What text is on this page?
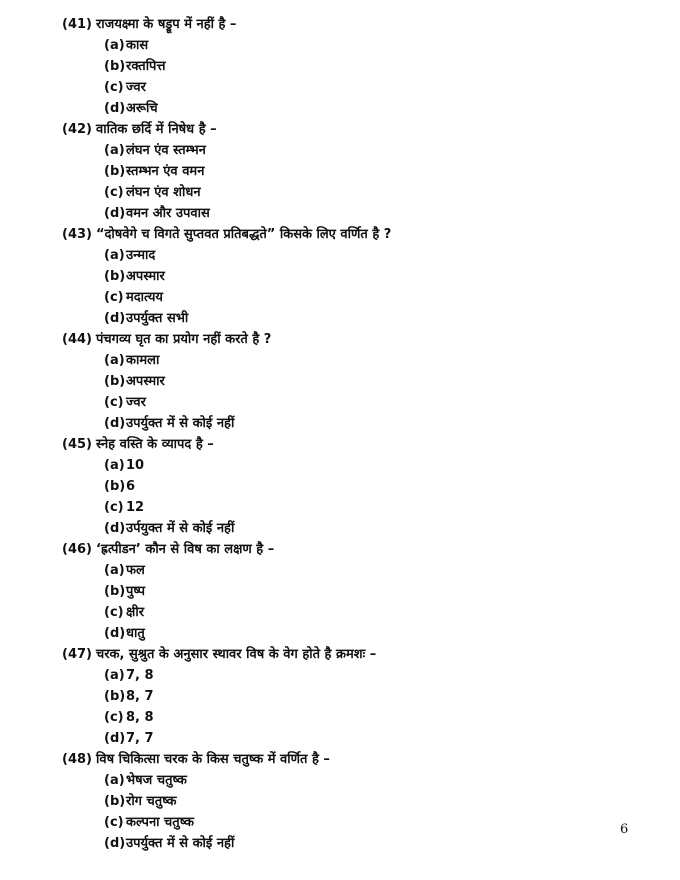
(41) राजयक्ष्मा के षड्रूप में नहीं है –
(a)कास
(b)रक्तपित्त
(c) ज्वर
(d)अरूचि
(42) वातिक छर्दि में निषेध है –
(a)लंघन एंव स्तम्भन
(b)स्तम्भन एंव वमन
(c) लंघन एंव शोधन
(d)वमन और उपवास
(43) “दोषवेगे च विगते सुप्तवत प्रतिबद्धते” किसके लिए वर्णित है ?
(a)उन्माद
(b)अपस्मार
(c) मदात्यय
(d)उपर्युक्त सभी
(44) पंचगव्य घृत का प्रयोग नहीं करते है ?
(a)कामला
(b)अपस्मार
(c) ज्वर
(d)उपर्युक्त में से कोई नहीं
(45) स्नेह वस्ति के व्यापद है –
(a)10
(b)6
(c) 12
(d)उर्पयुक्त में से कोई नहीं
(46) ‘ह्रत्पीडन’ कौन से विष का लक्षण है –
(a)फल
(b)पुष्प
(c) क्षीर
(d)धातु
(47) चरक, सुश्रुत के अनुसार स्थावर विष के वेग होते है क्रमशः –
(a)7, 8
(b)8, 7
(c) 8, 8
(d)7, 7
(48) विष चिकित्सा चरक के किस चतुष्क में वर्णित है –
(a)भेषज चतुष्क
(b)रोग चतुष्क
(c) कल्पना चतुष्क
(d)उपर्युक्त में से कोई नहीं
6
